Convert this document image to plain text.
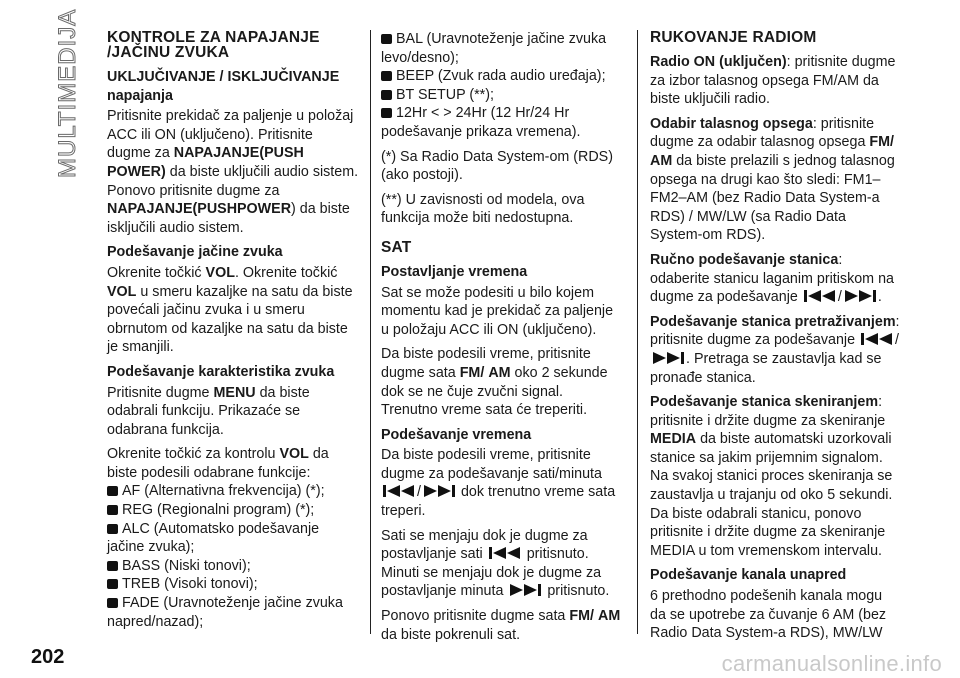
MULTIMEDIJA KONTROLE ZA NAPAJANJE /JAČINU ZVUKA
UKLJUČIVANJE / ISKLJUČIVANJE napajanja

Pritisnite prekidač za paljenje u položaj ACC ili ON (uključeno). Pritisnite dugme za NAPAJANJE(PUSH POWER) da biste uključili audio sistem. Ponovo pritisnite dugme za NAPAJANJE(PUSHPOWER) da biste isključili audio sistem.

Podešavanje jačine zvuka

Okrenite točkić VOL. Okrenite točkić VOL u smeru kazaljke na satu da biste povećali jačinu zvuka i u smeru obrnutom od kazaljke na satu da biste je smanjili.

Podešavanje karakteristika zvuka

Pritisnite dugme MENU da biste odabrali funkciju. Prikazaće se odabrana funkcija.

Okrenite točkić za kontrolu VOL da biste podesili odabrane funkcije:

AF (Alternativna frekvencija) (*);
REG (Regionalni program) (*);
ALC (Automatsko podešavanje jačine zvuka);
BASS (Niski tonovi);
TREB (Visoki tonovi);
FADE (Uravnoteženje jačine zvuka napred/nazad);
BAL (Uravnoteženje jačine zvuka levo/desno);
BEEP (Zvuk rada audio uređaja);
BT SETUP (**);
12Hr < > 24Hr (12 Hr/24 Hr podešavanje prikaza vremena).

(*) Sa Radio Data System-om (RDS) (ako postoji).

(**) U zavisnosti od modela, ova funkcija može biti nedostupna.

SAT
Postavljanje vremena

Sat se može podesiti u bilo kojem momentu kad je prekidač za paljenje u položaju ACC ili ON (uključeno).

Da biste podesili vreme, pritisnite dugme sata FM/ AM oko 2 sekunde dok se ne čuje zvučni signal. Trenutno vreme sata će treperiti.

Podešavanje vremena

Da biste podesili vreme, pritisnite dugme za podešavanje sati/minuta
/	dok trenutno vreme sata treperi.

Sati se menjaju dok je dugme za postavljanje sati	pritisnuto. Minuti se menjaju dok je dugme za postavljanje minuta	pritisnuto.

Ponovo pritisnite dugme sata FM/ AM da biste pokrenuli sat.

RUKOVANJE RADIOM

Radio ON (uključen): pritisnite dugme za izbor talasnog opsega FM/AM da biste uključili radio.

Odabir talasnog opsega: pritisnite dugme za odabir talasnog opsega FM/ AM da biste prelazili s jednog talasnog opsega na drugi kao što sledi: FM1–FM2–AM (bez Radio Data System-a RDS) / MW/LW (sa Radio Data System-om RDS).

Ručno podešavanje stanica: odaberite stanicu laganim pritiskom na dugme za podešavanje	/	.

Podešavanje stanica pretraživanjem: pritisnite dugme za podešavanje	/
. Pretraga se zaustavlja kad se pronađe stanica.

Podešavanje stanica skeniranjem: pritisnite i držite dugme za skeniranje MEDIA da biste automatski uzorkovali stanice sa jakim prijemnim signalom. Na svakoj stanici proces skeniranja se zaustavlja u trajanju od oko 5 sekundi. Da biste odabrali stanicu, ponovo pritisnite i držite dugme za skeniranje MEDIA u tom vremenskom intervalu.

Podešavanje kanala unapred

6 prethodno podešenih kanala mogu da se upotrebe za čuvanje 6 AM (bez Radio Data System-a RDS), MW/LW

202	carmanualsonline.info
